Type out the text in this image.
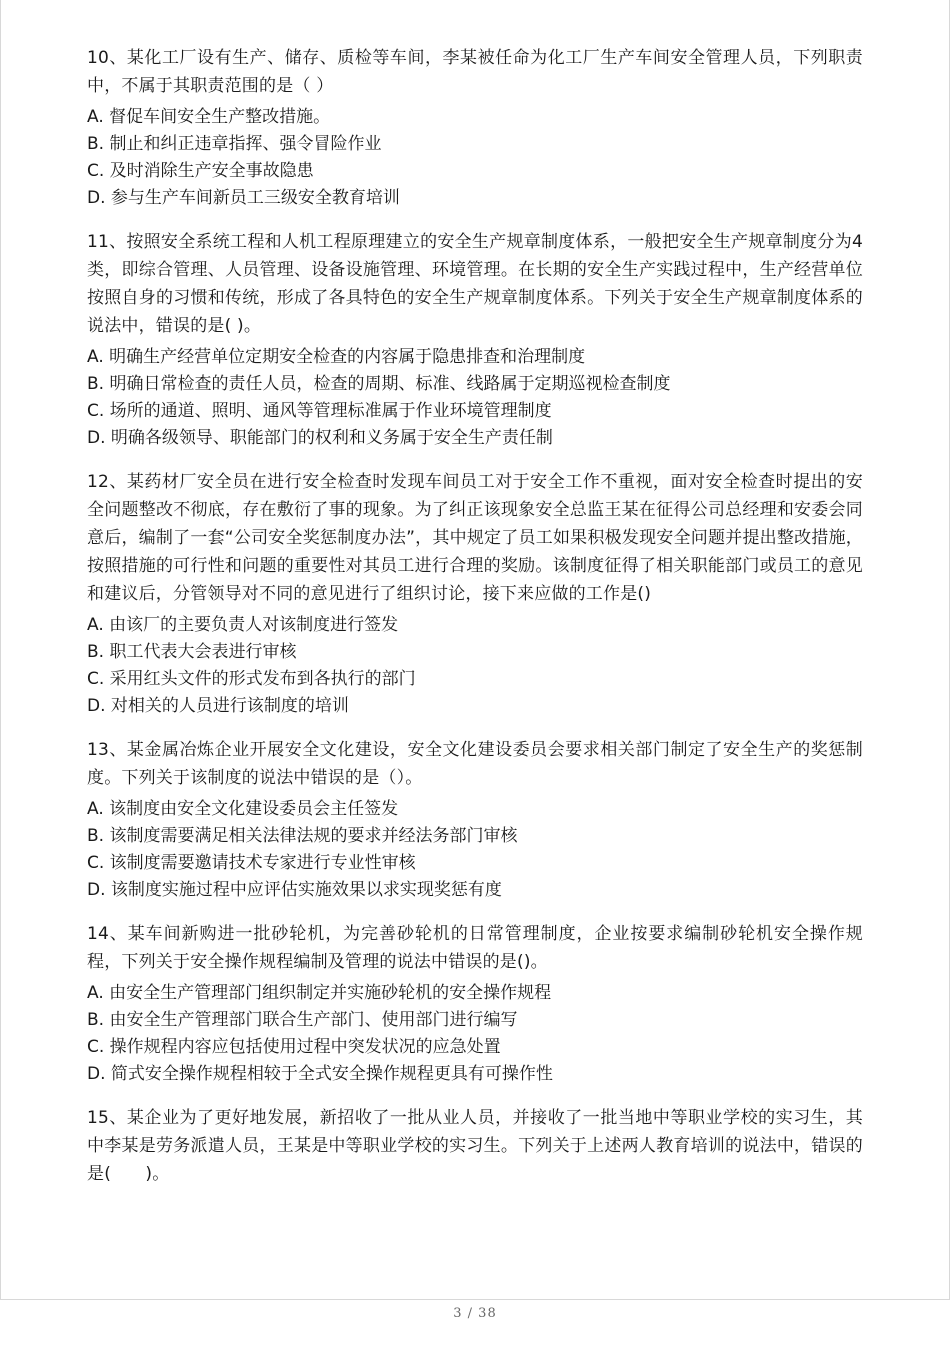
10、某化工厂设有生产、储存、质检等车间，李某被任命为化工厂生产车间安全管理人员，下列职责中，不属于其职责范围的是（ ）

A. 督促车间安全生产整改措施。

B. 制止和纠正违章指挥、强令冒险作业

C. 及时消除生产安全事故隐患

D. 参与生产车间新员工三级安全教育培训

11、按照安全系统工程和人机工程原理建立的安全生产规章制度体系，一般把安全生产规章制度分为4类，即综合管理、人员管理、设备设施管理、环境管理。在长期的安全生产实践过程中，生产经营单位按照自身的习惯和传统，形成了各具特色的安全生产规章制度体系。下列关于安全生产规章制度体系的说法中，错误的是( )。

A. 明确生产经营单位定期安全检查的内容属于隐患排查和治理制度

B. 明确日常检查的责任人员，检查的周期、标准、线路属于定期巡视检查制度

C. 场所的通道、照明、通风等管理标准属于作业环境管理制度

D. 明确各级领导、职能部门的权利和义务属于安全生产责任制

12、某药材厂安全员在进行安全检查时发现车间员工对于安全工作不重视，面对安全检查时提出的安全问题整改不彻底，存在敷衍了事的现象。为了纠正该现象安全总监王某在征得公司总经理和安委会同意后，编制了一套“公司安全奖惩制度办法”，其中规定了员工如果积极发现安全问题并提出整改措施，按照措施的可行性和问题的重要性对其员工进行合理的奖励。该制度征得了相关职能部门或员工的意见和建议后，分管领导对不同的意见进行了组织讨论，接下来应做的工作是()

A. 由该厂的主要负责人对该制度进行签发

B. 职工代表大会表进行审核

C. 采用红头文件的形式发布到各执行的部门

D. 对相关的人员进行该制度的培训

13、某金属冶炼企业开展安全文化建设，安全文化建设委员会要求相关部门制定了安全生产的奖惩制度。下列关于该制度的说法中错误的是（）。

A. 该制度由安全文化建设委员会主任签发

B. 该制度需要满足相关法律法规的要求并经法务部门审核

C. 该制度需要邀请技术专家进行专业性审核

D. 该制度实施过程中应评估实施效果以求实现奖惩有度

14、某车间新购进一批砂轮机，为完善砂轮机的日常管理制度，企业按要求编制砂轮机安全操作规程，下列关于安全操作规程编制及管理的说法中错误的是()。

A. 由安全生产管理部门组织制定并实施砂轮机的安全操作规程

B. 由安全生产管理部门联合生产部门、使用部门进行编写

C. 操作规程内容应包括使用过程中突发状况的应急处置

D. 简式安全操作规程相较于全式安全操作规程更具有可操作性

15、某企业为了更好地发展，新招收了一批从业人员，并接收了一批当地中等职业学校的实习生，其中李某是劳务派遣人员，王某是中等职业学校的实习生。下列关于上述两人教育培训的说法中，错误的是(　　)。

3 / 38
